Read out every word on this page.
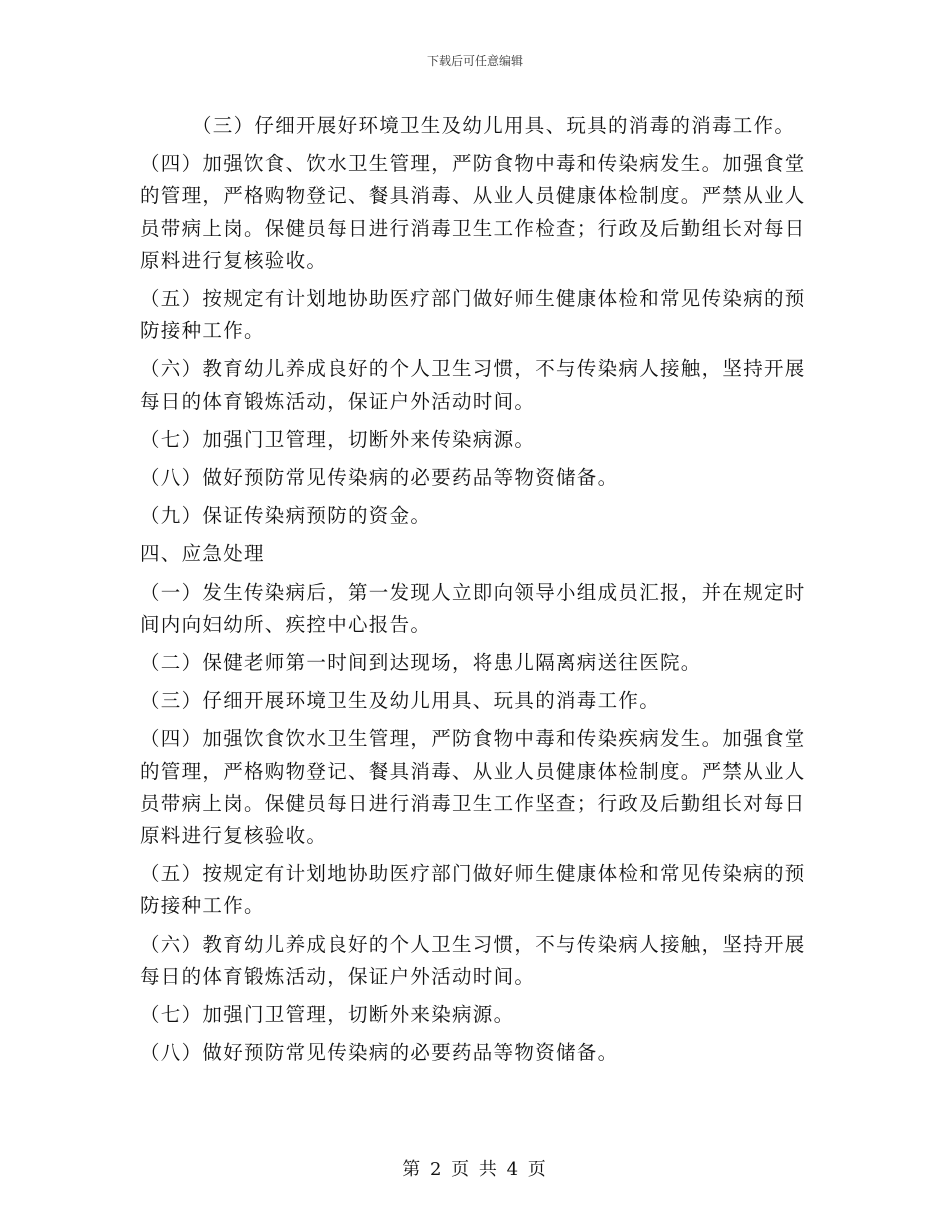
下载后可任意编辑

（三）仔细开展好环境卫生及幼儿用具、玩具的消毒的消毒工作。

（四）加强饮食、饮水卫生管理，严防食物中毒和传染病发生。加强食堂的管理，严格购物登记、餐具消毒、从业人员健康体检制度。严禁从业人员带病上岗。保健员每日进行消毒卫生工作检查；行政及后勤组长对每日原料进行复核验收。

（五）按规定有计划地协助医疗部门做好师生健康体检和常见传染病的预防接种工作。

（六）教育幼儿养成良好的个人卫生习惯，不与传染病人接触，坚持开展每日的体育锻炼活动，保证户外活动时间。

（七）加强门卫管理，切断外来传染病源。

（八）做好预防常见传染病的必要药品等物资储备。

（九）保证传染病预防的资金。

四、应急处理

（一）发生传染病后，第一发现人立即向领导小组成员汇报，并在规定时间内向妇幼所、疾控中心报告。

（二）保健老师第一时间到达现场，将患儿隔离病送往医院。

（三）仔细开展环境卫生及幼儿用具、玩具的消毒工作。

（四）加强饮食饮水卫生管理，严防食物中毒和传染疾病发生。加强食堂的管理，严格购物登记、餐具消毒、从业人员健康体检制度。严禁从业人员带病上岗。保健员每日进行消毒卫生工作坚查；行政及后勤组长对每日原料进行复核验收。

（五）按规定有计划地协助医疗部门做好师生健康体检和常见传染病的预防接种工作。

（六）教育幼儿养成良好的个人卫生习惯，不与传染病人接触，坚持开展每日的体育锻炼活动，保证户外活动时间。

（七）加强门卫管理，切断外来染病源。

（八）做好预防常见传染病的必要药品等物资储备。

第 2 页 共 4 页
